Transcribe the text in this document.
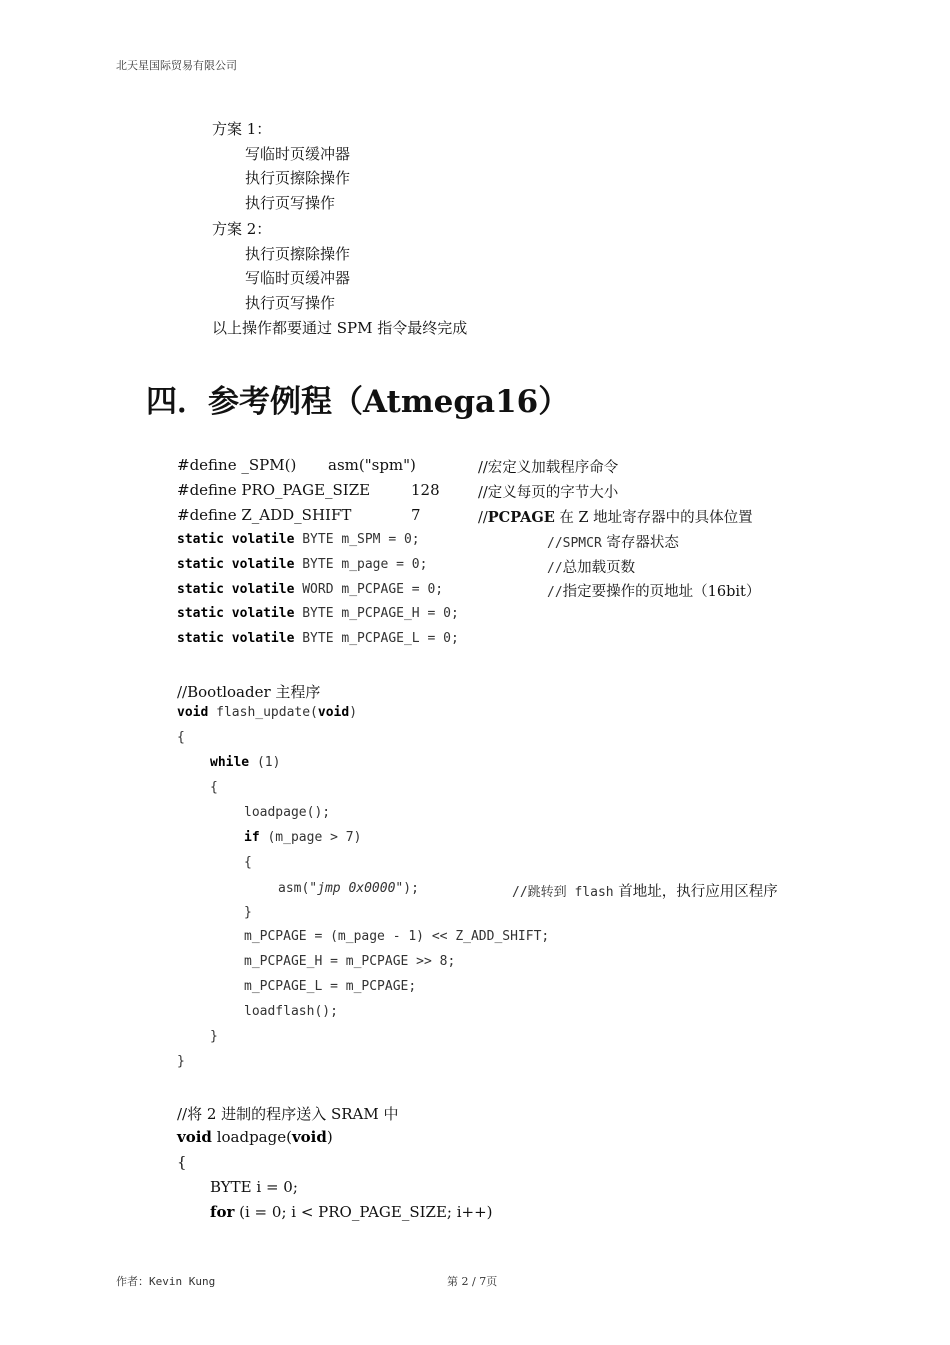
北天星国际贸易有限公司
方案 1：
写临时页缓冲器
执行页擦除操作
执行页写操作
方案 2：
执行页擦除操作
写临时页缓冲器
执行页写操作
以上操作都要通过 SPM 指令最终完成
四．参考例程（Atmega16）
#define _SPM() asm("spm")	//宏定义加载程序命令
#define PRO_PAGE_SIZE	128	//定义每页的字节大小
#define Z_ADD_SHIFT	7	//PCPAGE 在 Z 地址寄存器中的具体位置
static volatile BYTE m_SPM = 0;	//SPMCR 寄存器状态
static volatile BYTE m_page = 0;	//总加载页数
static volatile WORD m_PCPAGE = 0;	//指定要操作的页地址（16bit）
static volatile BYTE m_PCPAGE_H = 0;
static volatile BYTE m_PCPAGE_L = 0;
//Bootloader 主程序
void flash_update(void)
{
while (1)
{
loadpage();
if (m_page > 7)
{
asm("jmp 0x0000");	//跳转到 flash 首地址，执行应用区程序
}
m_PCPAGE = (m_page - 1) << Z_ADD_SHIFT;
m_PCPAGE_H = m_PCPAGE >> 8;
m_PCPAGE_L = m_PCPAGE;
loadflash();
}
}
//将 2 进制的程序送入 SRAM 中
void loadpage(void)
{
BYTE i = 0;
for (i = 0; i < PRO_PAGE_SIZE; i++)
作者：Kevin Kung	第 2 / 7页
